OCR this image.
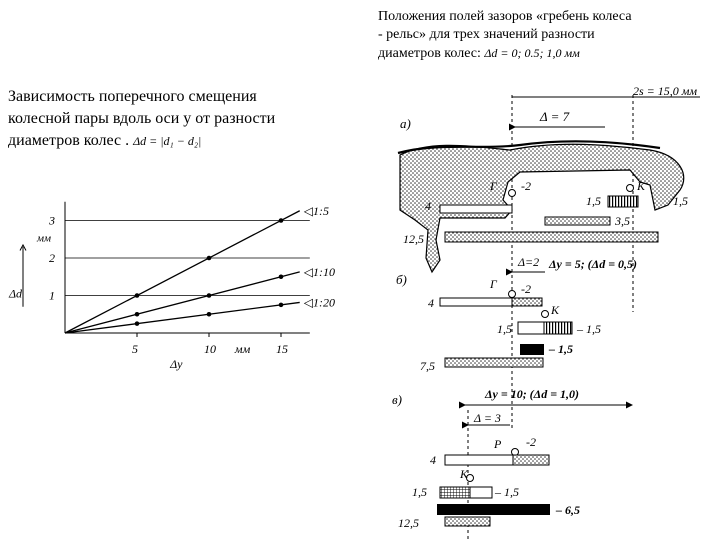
Зависимость поперечного смещения
колесной пары вдоль оси y от разности
диаметров колес . Δd = |d₁ − d₂|
Положения полей зазоров «гребень колеса
- рельс» для трех значений разности
диаметров колес: Δd = 0; 0.5; 1,0 мм
1
2
3
5	10	15
мм
Δd
мм
Δy
◁1:5
◁1:10
◁1:20
2s = 15,0 мм
Δ = 7
а)
Г -2	К
4	1,5	1,5
3,5
12,5
Δ=2 Δy = 5; (Δd = 0,5)
б)	Г -2
4	К
1,5	– 1,5
– 1,5
7,5
Δy = 10; (Δd = 1,0)
в)
Δ = 3
Р -2
4
К
1,5	– 1,5
– 6,5
12,5
